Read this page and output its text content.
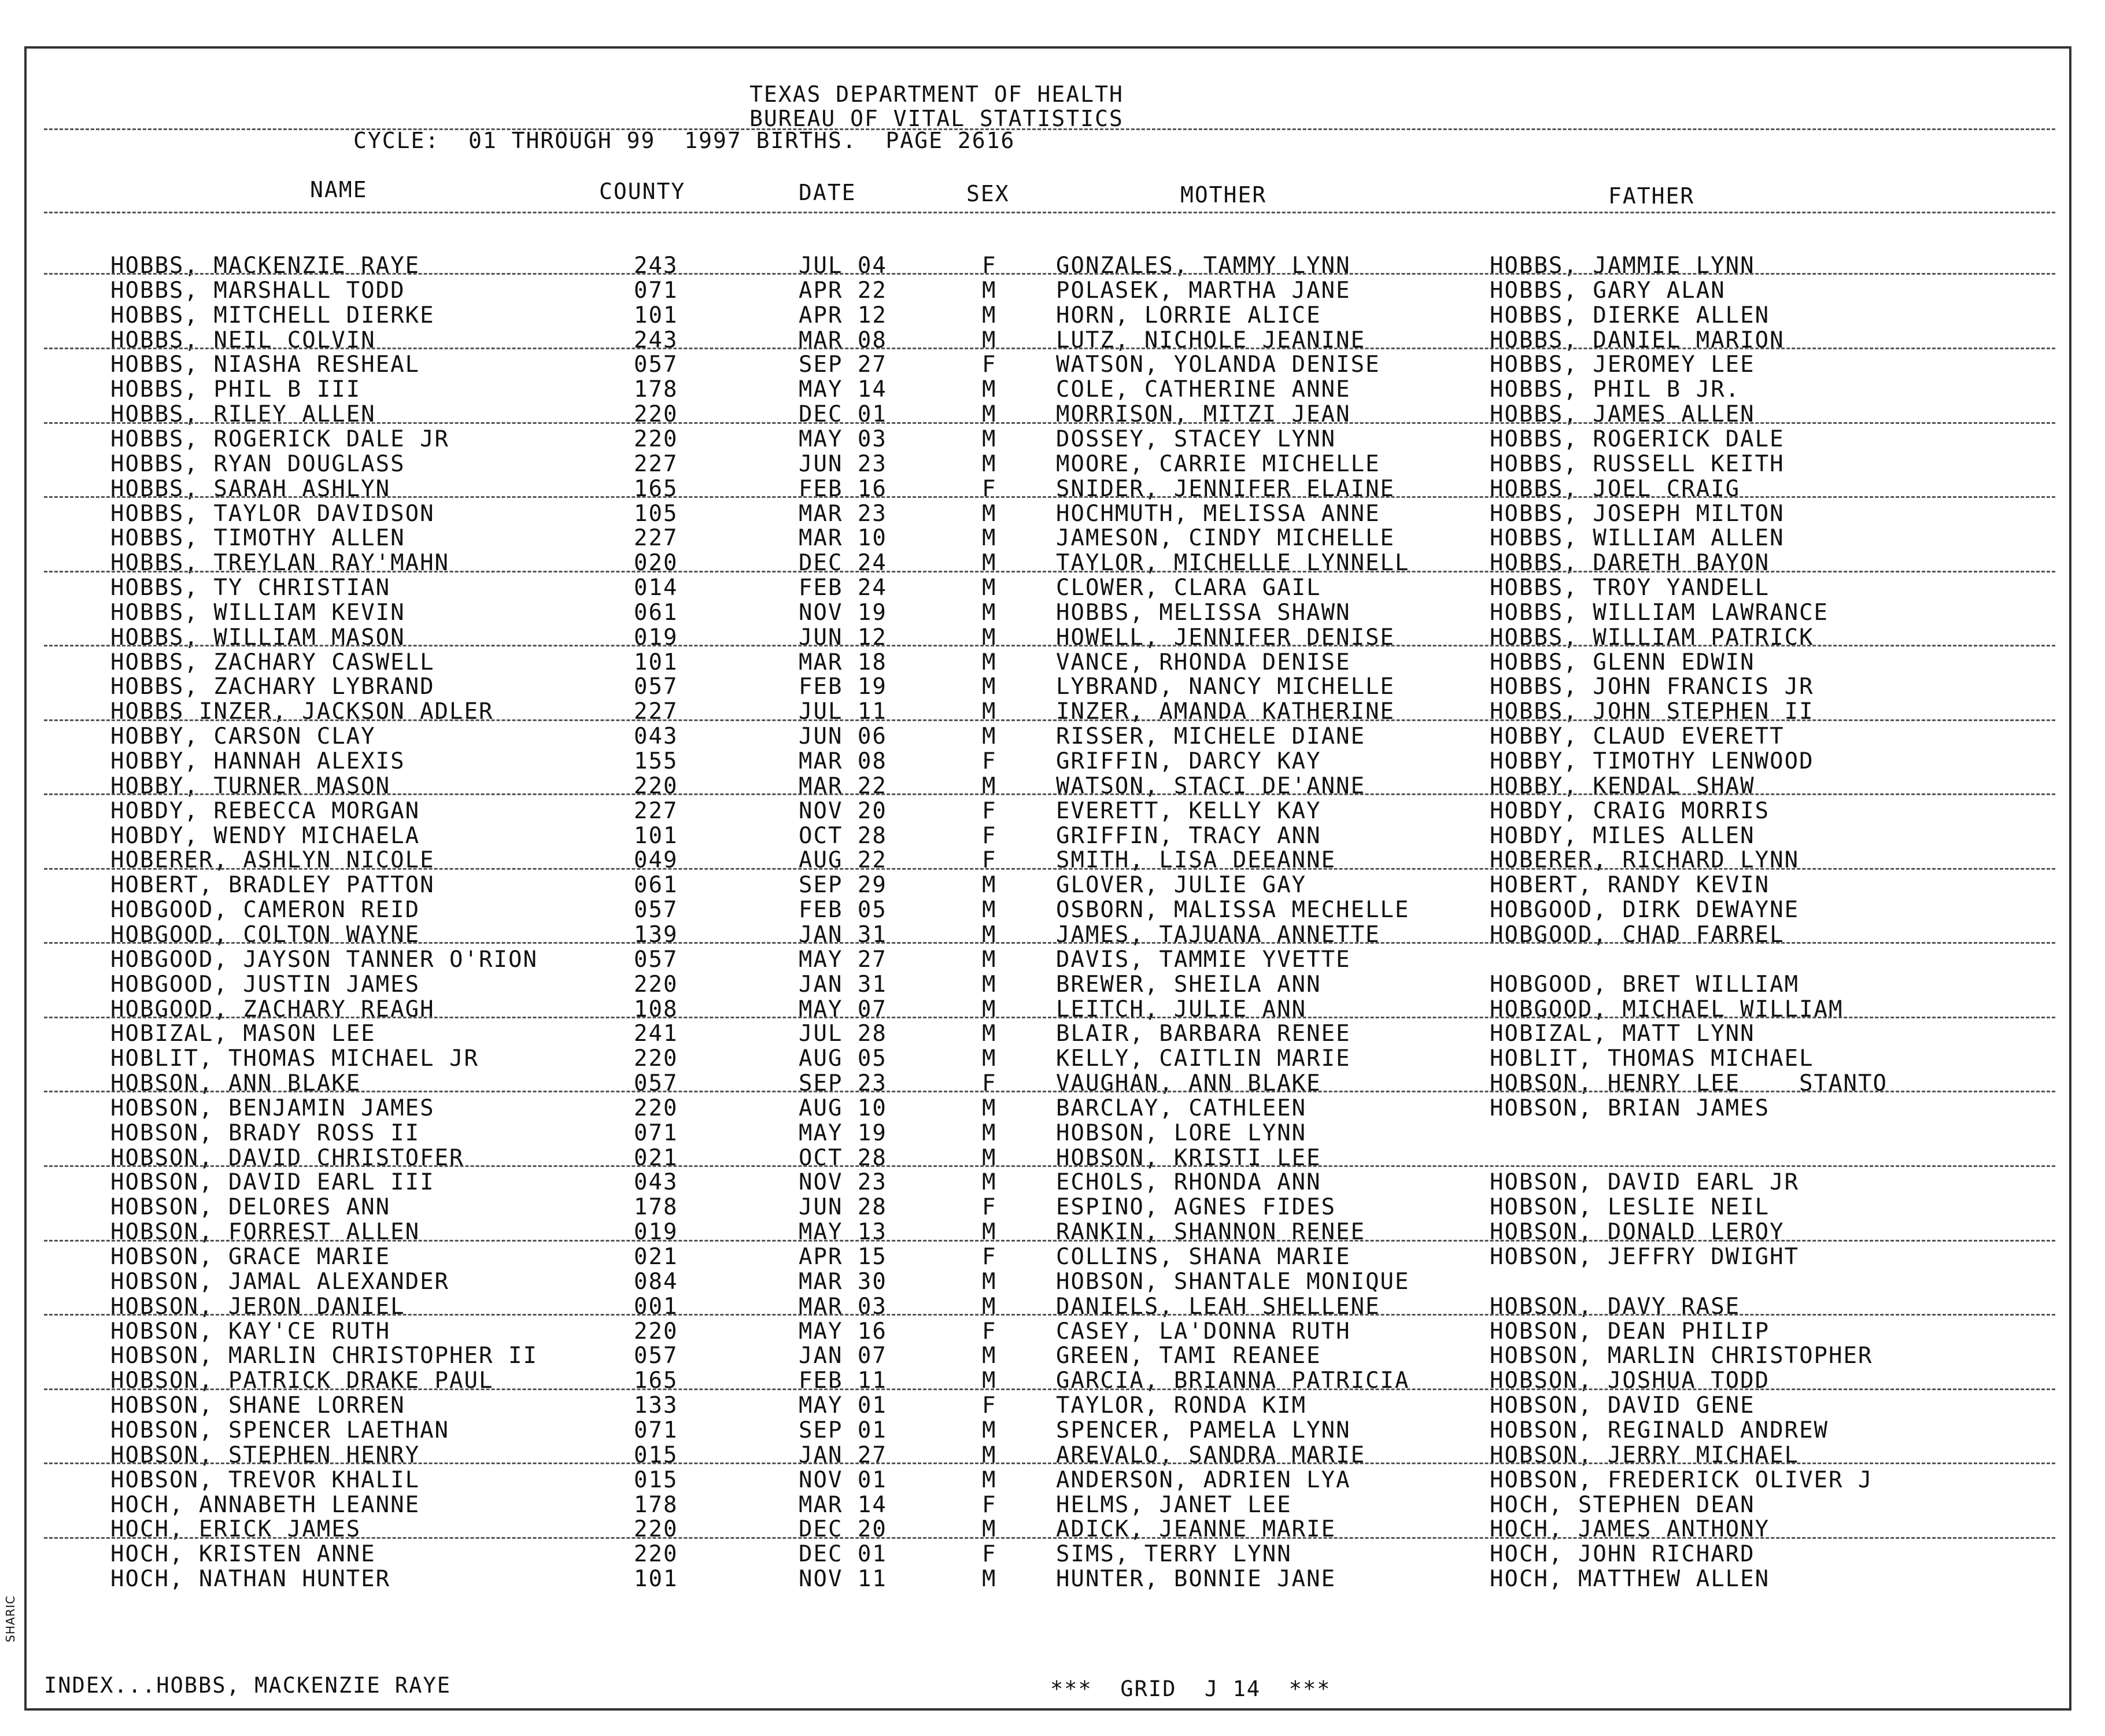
TEXAS DEPARTMENT OF HEALTH
BUREAU OF VITAL STATISTICS
CYCLE:  01 THROUGH 99  1997 BIRTHS.  PAGE 2616
NAME	COUNTY	DATE	SEX	MOTHER	FATHER
HOBBS, MACKENZIE RAYE	243	JUL 04	F	GONZALES, TAMMY LYNN	HOBBS, JAMMIE LYNN
HOBBS, MARSHALL TODD	071	APR 22	M	POLASEK, MARTHA JANE	HOBBS, GARY ALAN
HOBBS, MITCHELL DIERKE	101	APR 12	M	HORN, LORRIE ALICE	HOBBS, DIERKE ALLEN
HOBBS, NEIL COLVIN	243	MAR 08	M	LUTZ, NICHOLE JEANINE	HOBBS, DANIEL MARION
HOBBS, NIASHA RESHEAL	057	SEP 27	F	WATSON, YOLANDA DENISE	HOBBS, JEROMEY LEE
HOBBS, PHIL B III	178	MAY 14	M	COLE, CATHERINE ANNE	HOBBS, PHIL B JR.
HOBBS, RILEY ALLEN	220	DEC 01	M	MORRISON, MITZI JEAN	HOBBS, JAMES ALLEN
HOBBS, ROGERICK DALE JR	220	MAY 03	M	DOSSEY, STACEY LYNN	HOBBS, ROGERICK DALE
HOBBS, RYAN DOUGLASS	227	JUN 23	M	MOORE, CARRIE MICHELLE	HOBBS, RUSSELL KEITH
HOBBS, SARAH ASHLYN	165	FEB 16	F	SNIDER, JENNIFER ELAINE	HOBBS, JOEL CRAIG
HOBBS, TAYLOR DAVIDSON	105	MAR 23	M	HOCHMUTH, MELISSA ANNE	HOBBS, JOSEPH MILTON
HOBBS, TIMOTHY ALLEN	227	MAR 10	M	JAMESON, CINDY MICHELLE	HOBBS, WILLIAM ALLEN
HOBBS, TREYLAN RAY'MAHN	020	DEC 24	M	TAYLOR, MICHELLE LYNNELL	HOBBS, DARETH BAYON
HOBBS, TY CHRISTIAN	014	FEB 24	M	CLOWER, CLARA GAIL	HOBBS, TROY YANDELL
HOBBS, WILLIAM KEVIN	061	NOV 19	M	HOBBS, MELISSA SHAWN	HOBBS, WILLIAM LAWRANCE
HOBBS, WILLIAM MASON	019	JUN 12	M	HOWELL, JENNIFER DENISE	HOBBS, WILLIAM PATRICK
HOBBS, ZACHARY CASWELL	101	MAR 18	M	VANCE, RHONDA DENISE	HOBBS, GLENN EDWIN
HOBBS, ZACHARY LYBRAND	057	FEB 19	M	LYBRAND, NANCY MICHELLE	HOBBS, JOHN FRANCIS JR
HOBBS INZER, JACKSON ADLER	227	JUL 11	M	INZER, AMANDA KATHERINE	HOBBS, JOHN STEPHEN II
HOBBY, CARSON CLAY	043	JUN 06	M	RISSER, MICHELE DIANE	HOBBY, CLAUD EVERETT
HOBBY, HANNAH ALEXIS	155	MAR 08	F	GRIFFIN, DARCY KAY	HOBBY, TIMOTHY LENWOOD
HOBBY, TURNER MASON	220	MAR 22	M	WATSON, STACI DE'ANNE	HOBBY, KENDAL SHAW
HOBDY, REBECCA MORGAN	227	NOV 20	F	EVERETT, KELLY KAY	HOBDY, CRAIG MORRIS
HOBDY, WENDY MICHAELA	101	OCT 28	F	GRIFFIN, TRACY ANN	HOBDY, MILES ALLEN
HOBERER, ASHLYN NICOLE	049	AUG 22	F	SMITH, LISA DEEANNE	HOBERER, RICHARD LYNN
HOBERT, BRADLEY PATTON	061	SEP 29	M	GLOVER, JULIE GAY	HOBERT, RANDY KEVIN
HOBGOOD, CAMERON REID	057	FEB 05	M	OSBORN, MALISSA MECHELLE	HOBGOOD, DIRK DEWAYNE
HOBGOOD, COLTON WAYNE	139	JAN 31	M	JAMES, TAJUANA ANNETTE	HOBGOOD, CHAD FARREL
HOBGOOD, JAYSON TANNER O'RION	057	MAY 27	M	DAVIS, TAMMIE YVETTE
HOBGOOD, JUSTIN JAMES	220	JAN 31	M	BREWER, SHEILA ANN	HOBGOOD, BRET WILLIAM
HOBGOOD, ZACHARY REAGH	108	MAY 07	M	LEITCH, JULIE ANN	HOBGOOD, MICHAEL WILLIAM
HOBIZAL, MASON LEE	241	JUL 28	M	BLAIR, BARBARA RENEE	HOBIZAL, MATT LYNN
HOBLIT, THOMAS MICHAEL JR	220	AUG 05	M	KELLY, CAITLIN MARIE	HOBLIT, THOMAS MICHAEL
HOBSON, ANN BLAKE	057	SEP 23	F	VAUGHAN, ANN BLAKE	HOBSON, HENRY LEE    STANTO
HOBSON, BENJAMIN JAMES	220	AUG 10	M	BARCLAY, CATHLEEN	HOBSON, BRIAN JAMES
HOBSON, BRADY ROSS II	071	MAY 19	M	HOBSON, LORE LYNN
HOBSON, DAVID CHRISTOFER	021	OCT 28	M	HOBSON, KRISTI LEE
HOBSON, DAVID EARL III	043	NOV 23	M	ECHOLS, RHONDA ANN	HOBSON, DAVID EARL JR
HOBSON, DELORES ANN	178	JUN 28	F	ESPINO, AGNES FIDES	HOBSON, LESLIE NEIL
HOBSON, FORREST ALLEN	019	MAY 13	M	RANKIN, SHANNON RENEE	HOBSON, DONALD LEROY
HOBSON, GRACE MARIE	021	APR 15	F	COLLINS, SHANA MARIE	HOBSON, JEFFRY DWIGHT
HOBSON, JAMAL ALEXANDER	084	MAR 30	M	HOBSON, SHANTALE MONIQUE
HOBSON, JERON DANIEL	001	MAR 03	M	DANIELS, LEAH SHELLENE	HOBSON, DAVY RASE
HOBSON, KAY'CE RUTH	220	MAY 16	F	CASEY, LA'DONNA RUTH	HOBSON, DEAN PHILIP
HOBSON, MARLIN CHRISTOPHER II	057	JAN 07	M	GREEN, TAMI REANEE	HOBSON, MARLIN CHRISTOPHER
HOBSON, PATRICK DRAKE PAUL	165	FEB 11	M	GARCIA, BRIANNA PATRICIA	HOBSON, JOSHUA TODD
HOBSON, SHANE LORREN	133	MAY 01	F	TAYLOR, RONDA KIM	HOBSON, DAVID GENE
HOBSON, SPENCER LAETHAN	071	SEP 01	M	SPENCER, PAMELA LYNN	HOBSON, REGINALD ANDREW
HOBSON, STEPHEN HENRY	015	JAN 27	M	AREVALO, SANDRA MARIE	HOBSON, JERRY MICHAEL
HOBSON, TREVOR KHALIL	015	NOV 01	M	ANDERSON, ADRIEN LYA	HOBSON, FREDERICK OLIVER J
HOCH, ANNABETH LEANNE	178	MAR 14	F	HELMS, JANET LEE	HOCH, STEPHEN DEAN
HOCH, ERICK JAMES	220	DEC 20	M	ADICK, JEANNE MARIE	HOCH, JAMES ANTHONY
HOCH, KRISTEN ANNE	220	DEC 01	F	SIMS, TERRY LYNN	HOCH, JOHN RICHARD
HOCH, NATHAN HUNTER	101	NOV 11	M	HUNTER, BONNIE JANE	HOCH, MATTHEW ALLEN
INDEX...HOBBS, MACKENZIE RAYE	***  GRID  J 14  ***
SHARIC
